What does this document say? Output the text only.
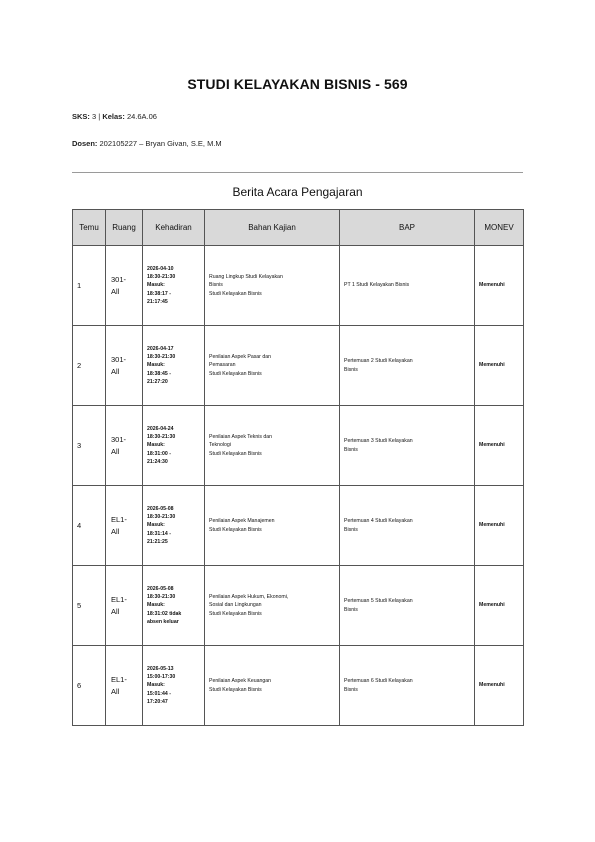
STUDI KELAYAKAN BISNIS - 569
SKS: 3 | Kelas: 24.6A.06
Dosen: 202105227 – Bryan Givan, S.E, M.M
Berita Acara Pengajaran
Temu	Ruang	Kehadiran	Bahan Kajian	BAP	MONEV
1	301-
All	2026-04-10
18:30-21:30
Masuk:
18:38:17 -
21:17:45	Ruang Lingkup Studi Kelayakan
Bisnis
Studi Kelayakan Bisnis	PT 1 Studi Kelayakan Bisnis	Memenuhi
2	301-
All	2026-04-17
18:30-21:30
Masuk:
18:38:45 -
21:27:20	Penilaian Aspek Pasar dan
Pemasaran
Studi Kelayakan Bisnis	Pertemuan 2 Studi Kelayakan
Bisnis	Memenuhi
3	301-
All	2026-04-24
18:30-21:30
Masuk:
18:31:00 -
21:24:30	Penilaian Aspek Teknis dan
Teknologi
Studi Kelayakan Bisnis	Pertemuan 3 Studi Kelayakan
Bisnis	Memenuhi
4	EL1-
All	2026-05-08
18:30-21:30
Masuk:
18:31:14 -
21:21:25	Penilaian Aspek Manajemen
Studi Kelayakan Bisnis	Pertemuan 4 Studi Kelayakan
Bisnis	Memenuhi
5	EL1-
All	2026-05-08
18:30-21:30
Masuk:
18:31:02 tidak
absen keluar	Penilaian Aspek Hukum, Ekonomi,
Sosial dan Lingkungan
Studi Kelayakan Bisnis	Pertemuan 5 Studi Kelayakan
Bisnis	Memenuhi
6	EL1-
All	2026-05-13
15:00-17:30
Masuk:
15:01:44 -
17:20:47	Penilaian Aspek Keuangan
Studi Kelayakan Bisnis	Pertemuan 6 Studi Kelayakan
Bisnis	Memenuhi
